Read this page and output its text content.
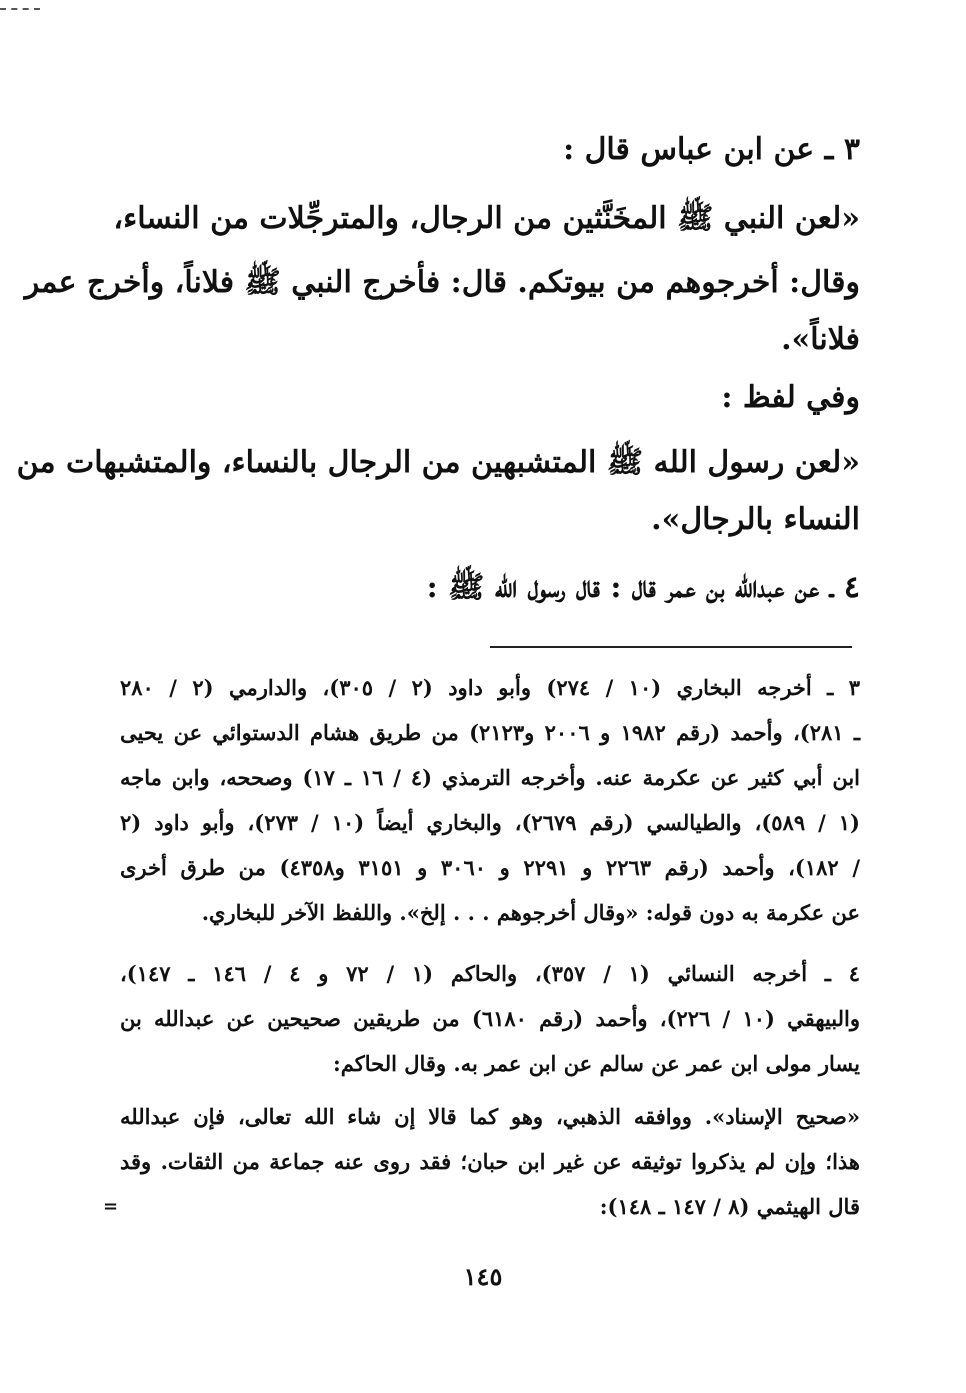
٣ ـ عن ابن عباس قال :
«لعن النبي ﷺ المخَنَّثين من الرجال، والمترجِّلات من النساء،
وقال: أخرجوهم من بيوتكم. قال: فأخرج النبي ﷺ فلاناً، وأخرج عمر
فلاناً».
وفي لفظ :
«لعن رسول الله ﷺ المتشبهين من الرجال بالنساء، والمتشبهات من
النساء بالرجال».
٤ ـ عن عبدالله بن عمر قال : قال رسول الله ﷺ :
٣ ـ أخرجه البخاري (١٠ / ٢٧٤) وأبو داود (٢ / ٣٠٥)، والدارمي (٢ / ٢٨٠
ـ ٢٨١)، وأحمد (رقم ١٩٨٢ و ٢٠٠٦ و٢١٢٣) من طريق هشام الدستوائي عن يحيى
ابن أبي كثير عن عكرمة عنه. وأخرجه الترمذي (٤ / ١٦ ـ ١٧) وصححه، وابن ماجه
(١ / ٥٨٩)، والطيالسي (رقم ٢٦٧٩)، والبخاري أيضاً (١٠ / ٢٧٣)، وأبو داود (٢
/ ١٨٢)، وأحمد (رقم ٢٢٦٣ و ٢٢٩١ و ٣٠٦٠ و ٣١٥١ و٤٣٥٨) من طرق أخرى
عن عكرمة به دون قوله: «وقال أخرجوهم . . . إلخ». واللفظ الآخر للبخاري.
٤ ـ أخرجه النسائي (١ / ٣٥٧)، والحاكم (١ / ٧٢ و ٤ / ١٤٦ ـ ١٤٧)،
والبيهقي (١٠ / ٢٢٦)، وأحمد (رقم ٦١٨٠) من طريقين صحيحين عن عبدالله بن
يسار مولى ابن عمر عن سالم عن ابن عمر به. وقال الحاكم:
«صحيح الإسناد». ووافقه الذهبي، وهو كما قالا إن شاء الله تعالى، فإن عبدالله
هذا؛ وإن لم يذكروا توثيقه عن غير ابن حبان؛ فقد روى عنه جماعة من الثقات. وقد
قال الهيثمي (٨ / ١٤٧ ـ ١٤٨):
=
١٤٥
